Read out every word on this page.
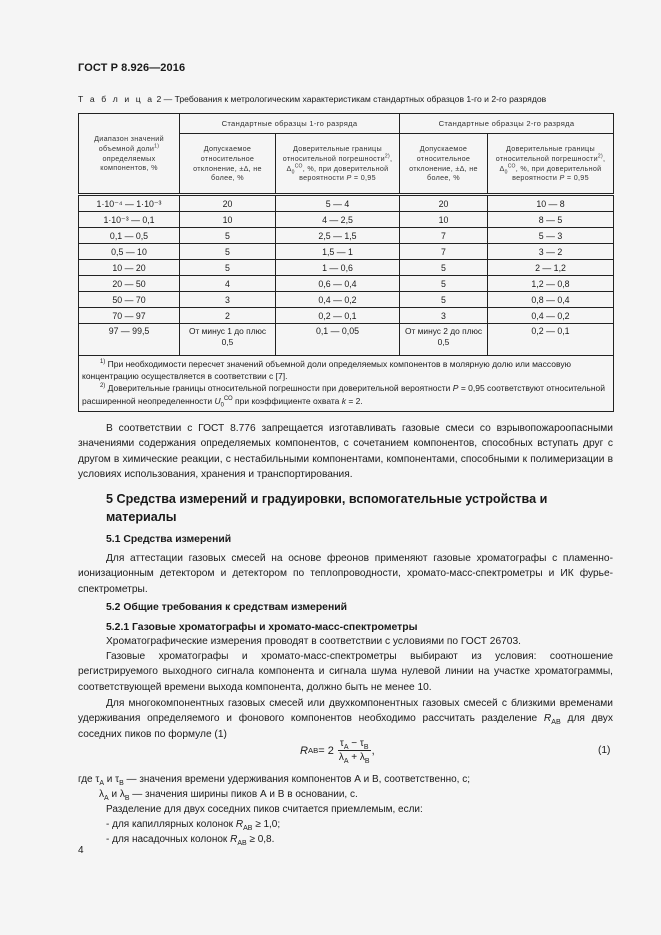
ГОСТ Р 8.926—2016
Т а б л и ц а 2 — Требования к метрологическим характеристикам стандартных образцов 1-го и 2-го разрядов
Диапазон значений объемной доли$^{1)}$ определяемых компонентов, %	Стандартные образцы 1-го разряда		Стандартные образцы 2-го разряда	
	Допускаемое относительное отклонение, ±Δ, не более, %	Доверительные границы относительной погрешности$^{2)}$, $\Delta_0^{СО}$, %, при доверительной вероятности P = 0,95	Допускаемое относительное отклонение, ±Δ, не более, %	Доверительные границы относительной погрешности$^{2)}$, $\Delta_0^{СО}$, %, при доверительной вероятности P = 0,95
1·10⁻⁴ — 1·10⁻³	20	5 — 4	20	10 — 8
1·10⁻³ — 0,1	10	4 — 2,5	10	8 — 5
0,1 — 0,5	5	2,5 — 1,5	7	5 — 3
0,5 — 10	5	1,5 — 1	7	3 — 2
10 — 20	5	1 — 0,6	5	2 — 1,2
20 — 50	4	0,6 — 0,4	5	1,2 — 0,8
50 — 70	3	0,4 — 0,2	5	0,8 — 0,4
70 — 97	2	0,2 — 0,1	3	0,4 — 0,2
97 — 99,5	От минус 1 до плюс 0,5	0,1 — 0,05	От минус 2 до плюс 0,5	0,2 — 0,1

$^{1)}$ При необходимости пересчет значений объемной доли определяемых компонентов в молярную долю или массовую концентрацию осуществляется в соответствии с [7].
$^{2)}$ Доверительные границы относительной погрешности при доверительной вероятности P = 0,95 соответствуют относительной расширенной неопределенности $U_0^{СО}$ при коэффициенте охвата k = 2.				
В соответствии с ГОСТ 8.776 запрещается изготавливать газовые смеси со взрывопожароопасными значениями содержания определяемых компонентов, с сочетанием компонентов, способных вступать друг с другом в химические реакции, с нестабильными компонентами, компонентами, способными к полимеризации в условиях использования, хранения и транспортирования.
5 Средства измерений и градуировки, вспомогательные устройства и материалы
5.1 Средства измерений
Для аттестации газовых смесей на основе фреонов применяют газовые хроматографы с пламенно-ионизационным детектором и детектором по теплопроводности, хромато-масс-спектрометры и ИК фурье-спектрометры.
5.2 Общие требования к средствам измерений
5.2.1 Газовые хроматографы и хромато-масс-спектрометры
Хроматографические измерения проводят в соответствии с условиями по ГОСТ 26703.
Газовые хроматографы и хромато-масс-спектрометры выбирают из условия: соотношение регистрируемого выходного сигнала компонента и сигнала шума нулевой линии на участке хроматограммы, соответствующей времени выхода компонента, должно быть не менее 10.
Для многокомпонентных газовых смесей или двухкомпонентных газовых смесей с близкими временами удерживания определяемого и фонового компонентов необходимо рассчитать разделение $R_{AB}$ для двух соседних пиков по формуле (1)
R AB = $2 \frac{\tau_A - \tau_B}{\lambda_A + \lambda_B}$ ,	(1)
где $\tau_A$ и $\tau_B$ — значения времени удерживания компонентов А и В, соответственно, с;
$\lambda_A$ и $\lambda_B$ — значения ширины пиков А и В в основании, с.
Разделение для двух соседних пиков считается приемлемым, если:
- для капиллярных колонок $R_{AB} \ge 1,0$;
- для насадочных колонок $R_{AB} \ge 0,8$.
4
